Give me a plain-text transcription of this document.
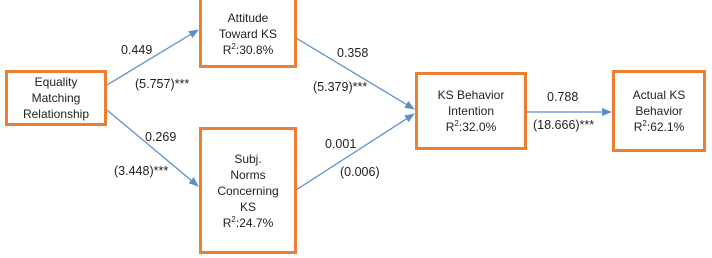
Equality
Matching
Relationship
Attitude
Toward KS
$R^2:30.8\%$
Subj.
Norms
Concerning
KS
$R^2:24.7\%$
KS Behavior
Intention
$R^2:32.0\%$
Actual KS
Behavior
$R^2:62.1\%$
0.449
(5.757)***
0.269
(3.448)***
0.358
(5.379)***
0.001
(0.006)
0.788
(18.666)***
